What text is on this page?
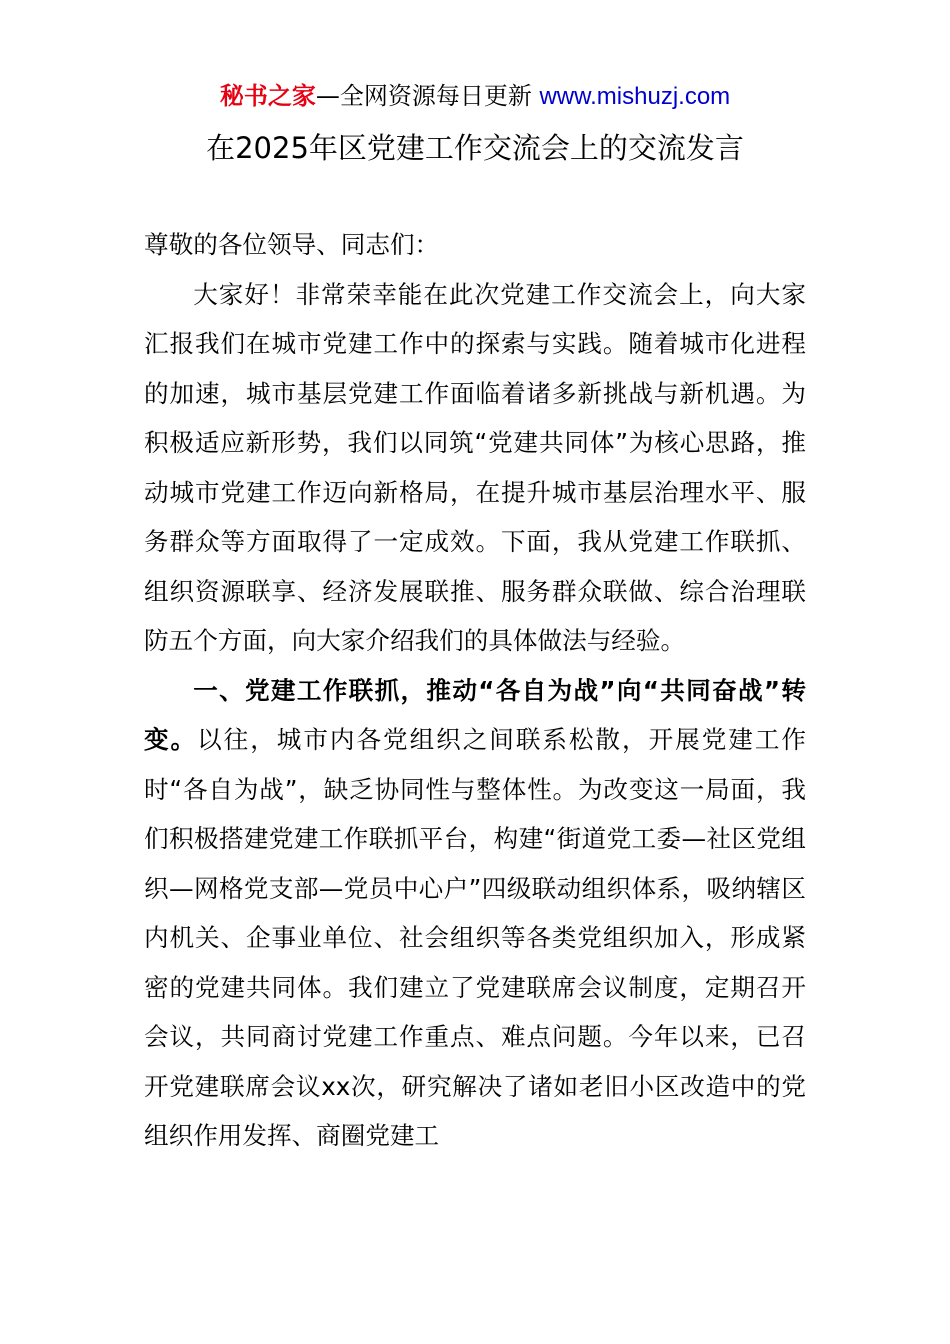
秘书之家—全网资源每日更新 www.mishuzj.com
在2025年区党建工作交流会上的交流发言

尊敬的各位领导、同志们：

大家好！非常荣幸能在此次党建工作交流会上，向大家汇报我们在城市党建工作中的探索与实践。随着城市化进程的加速，城市基层党建工作面临着诸多新挑战与新机遇。为积极适应新形势，我们以同筑“党建共同体”为核心思路，推动城市党建工作迈向新格局，在提升城市基层治理水平、服务群众等方面取得了一定成效。下面，我从党建工作联抓、组织资源联享、经济发展联推、服务群众联做、综合治理联防五个方面，向大家介绍我们的具体做法与经验。

一、党建工作联抓，推动“各自为战”向“共同奋战”转变。以往，城市内各党组织之间联系松散，开展党建工作时“各自为战”，缺乏协同性与整体性。为改变这一局面，我们积极搭建党建工作联抓平台，构建“街道党工委—社区党组织—网格党支部—党员中心户”四级联动组织体系，吸纳辖区内机关、企事业单位、社会组织等各类党组织加入，形成紧密的党建共同体。我们建立了党建联席会议制度，定期召开会议，共同商讨党建工作重点、难点问题。今年以来，已召开党建联席会议xx次，研究解决了诸如老旧小区改造中的党组织作用发挥、商圈党建工
